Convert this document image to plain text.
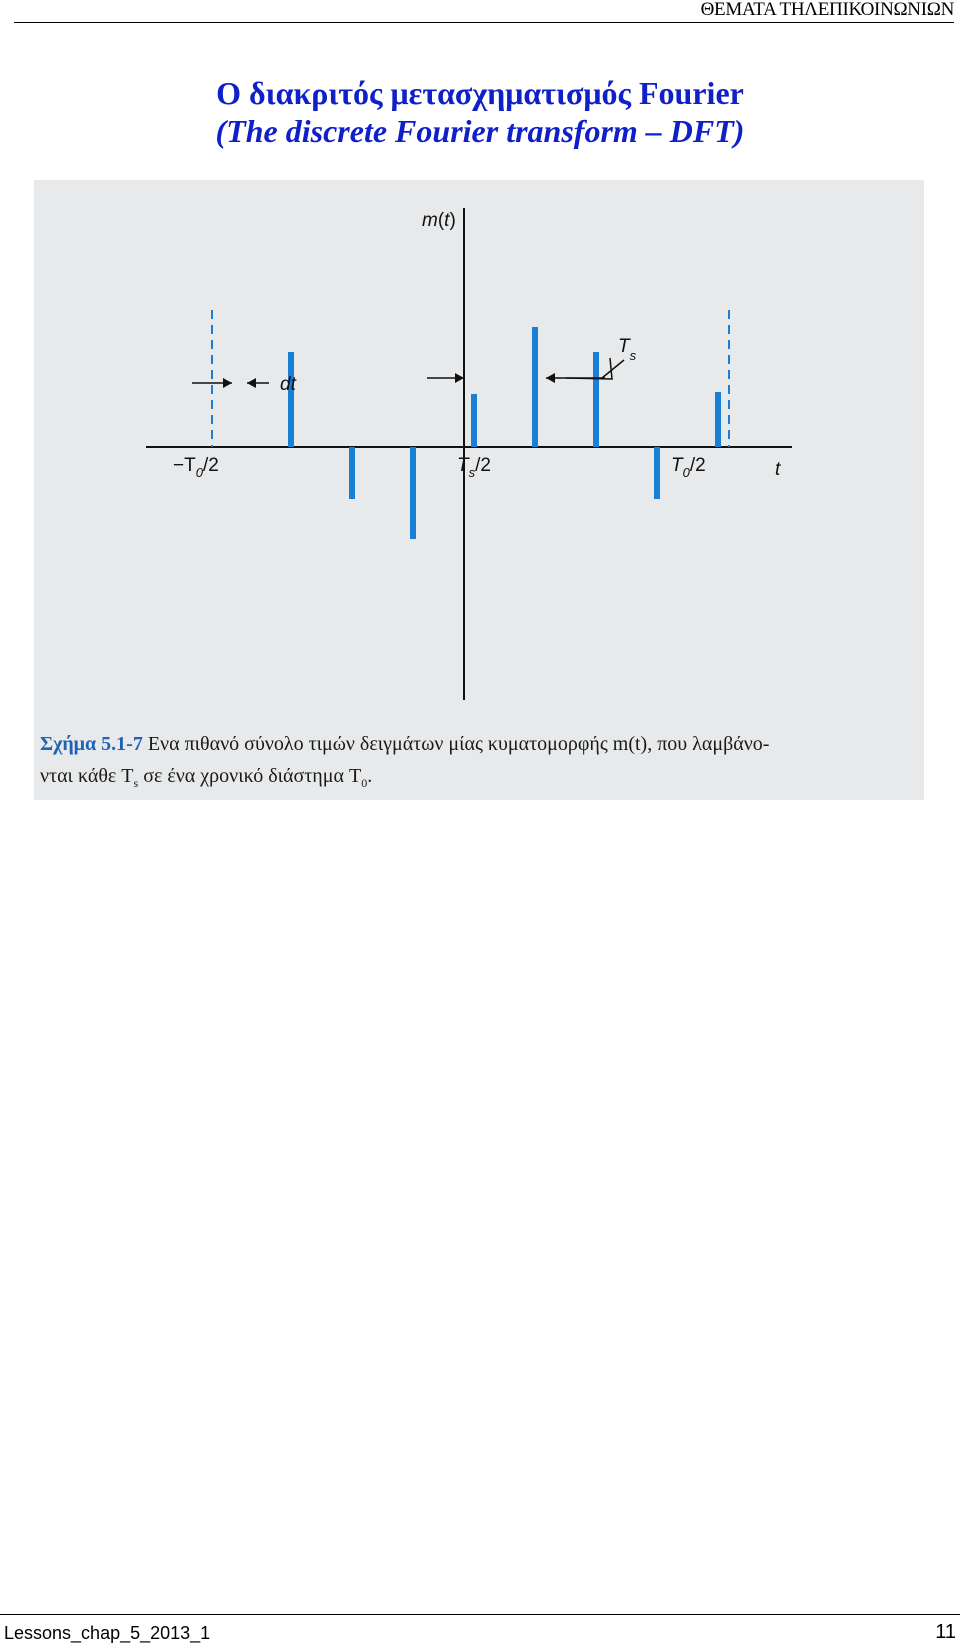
ΘΕΜΑΤΑ ΤΗΛΕΠΙΚΟΙΝΩΝΙΩΝ
Ο διακριτός μετασχηματισμός Fourier
(The discrete Fourier transform – DFT)
m(t)
t
dt
$T_s$
$-T_0/2$	$T_s/2$	$T_0/2$
Σχήμα 5.1-7 Ενα πιθανό σύνολο τιμών δειγμάτων μίας κυματομορφής m(t), που λαμβάνο-
νται κάθε $T_s$ σε ένα χρονικό διάστημα $T_0$.
Lessons_chap_5_2013_1	11
